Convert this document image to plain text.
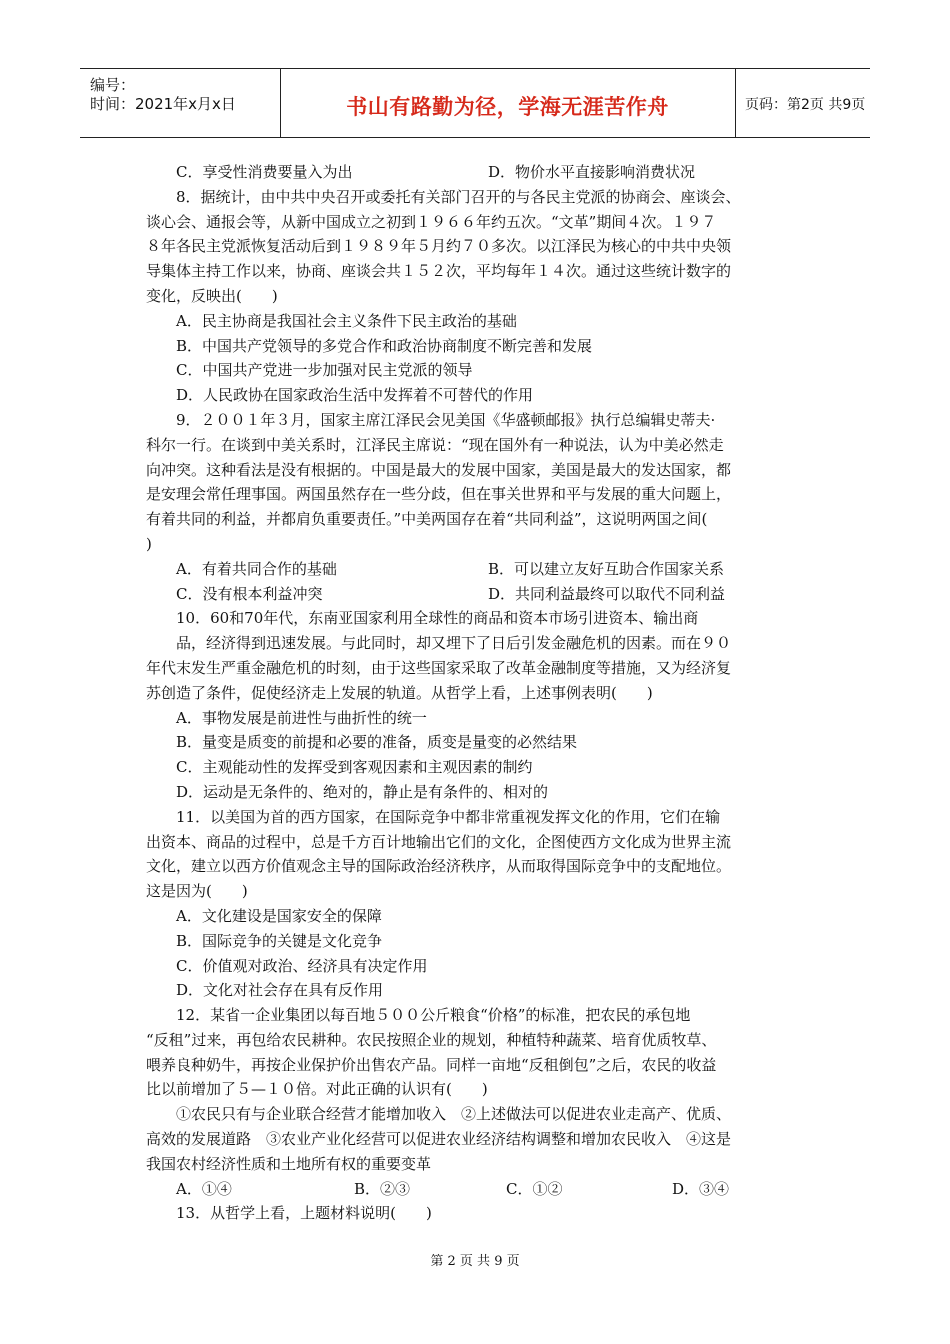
编号：
时间：2021年x月x日	书山有路勤为径，学海无涯苦作舟	页码：第2页 共9页
C．享受性消费要量入为出	D．物价水平直接影响消费状况
8．据统计，由中共中央召开或委托有关部门召开的与各民主党派的协商会、座谈会、
谈心会、通报会等，从新中国成立之初到１９６６年约五次。“文革”期间４次。１９７
８年各民主党派恢复活动后到１９８９年５月约７０多次。以江泽民为核心的中共中央领
导集体主持工作以来，协商、座谈会共１５２次，平均每年１４次。通过这些统计数字的
变化，反映出(　　)
A．民主协商是我国社会主义条件下民主政治的基础
B．中国共产党领导的多党合作和政治协商制度不断完善和发展
C．中国共产党进一步加强对民主党派的领导
D．人民政协在国家政治生活中发挥着不可替代的作用
9．２００１年３月，国家主席江泽民会见美国《华盛顿邮报》执行总编辑史蒂夫·
科尔一行。在谈到中美关系时，江泽民主席说：“现在国外有一种说法，认为中美必然走
向冲突。这种看法是没有根据的。中国是最大的发展中国家，美国是最大的发达国家，都
是安理会常任理事国。两国虽然存在一些分歧，但在事关世界和平与发展的重大问题上，
有着共同的利益，并都肩负重要责任。”中美两国存在着“共同利益”，这说明两国之间(
)
A．有着共同合作的基础	B．可以建立友好互助合作国家关系
C．没有根本利益冲突	D．共同利益最终可以取代不同利益
10．60和70年代，东南亚国家利用全球性的商品和资本市场引进资本、输出商
品，经济得到迅速发展。与此同时，却又埋下了日后引发金融危机的因素。而在９０
年代末发生严重金融危机的时刻，由于这些国家采取了改革金融制度等措施，又为经济复
苏创造了条件，促使经济走上发展的轨道。从哲学上看，上述事例表明(　　)
A．事物发展是前进性与曲折性的统一
B．量变是质变的前提和必要的准备，质变是量变的必然结果
C．主观能动性的发挥受到客观因素和主观因素的制约
D．运动是无条件的、绝对的，静止是有条件的、相对的
11．以美国为首的西方国家，在国际竞争中都非常重视发挥文化的作用，它们在输
出资本、商品的过程中，总是千方百计地输出它们的文化，企图使西方文化成为世界主流
文化，建立以西方价值观念主导的国际政治经济秩序，从而取得国际竞争中的支配地位。
这是因为(　　)
A．文化建设是国家安全的保障
B．国际竞争的关键是文化竞争
C．价值观对政治、经济具有决定作用
D．文化对社会存在具有反作用
12．某省一企业集团以每百地５００公斤粮食“价格”的标准，把农民的承包地
“反租”过来，再包给农民耕种。农民按照企业的规划，种植特种蔬菜、培育优质牧草、
喂养良种奶牛，再按企业保护价出售农产品。同样一亩地“反租倒包”之后，农民的收益
比以前增加了５—１０倍。对此正确的认识有(　　)
①农民只有与企业联合经营才能增加收入　②上述做法可以促进农业走高产、优质、
高效的发展道路　③农业产业化经营可以促进农业经济结构调整和增加农民收入　④这是
我国农村经济性质和土地所有权的重要变革
A．①④	B．②③	C．①②	D．③④
13．从哲学上看，上题材料说明(　　)
第 2 页 共 9 页
